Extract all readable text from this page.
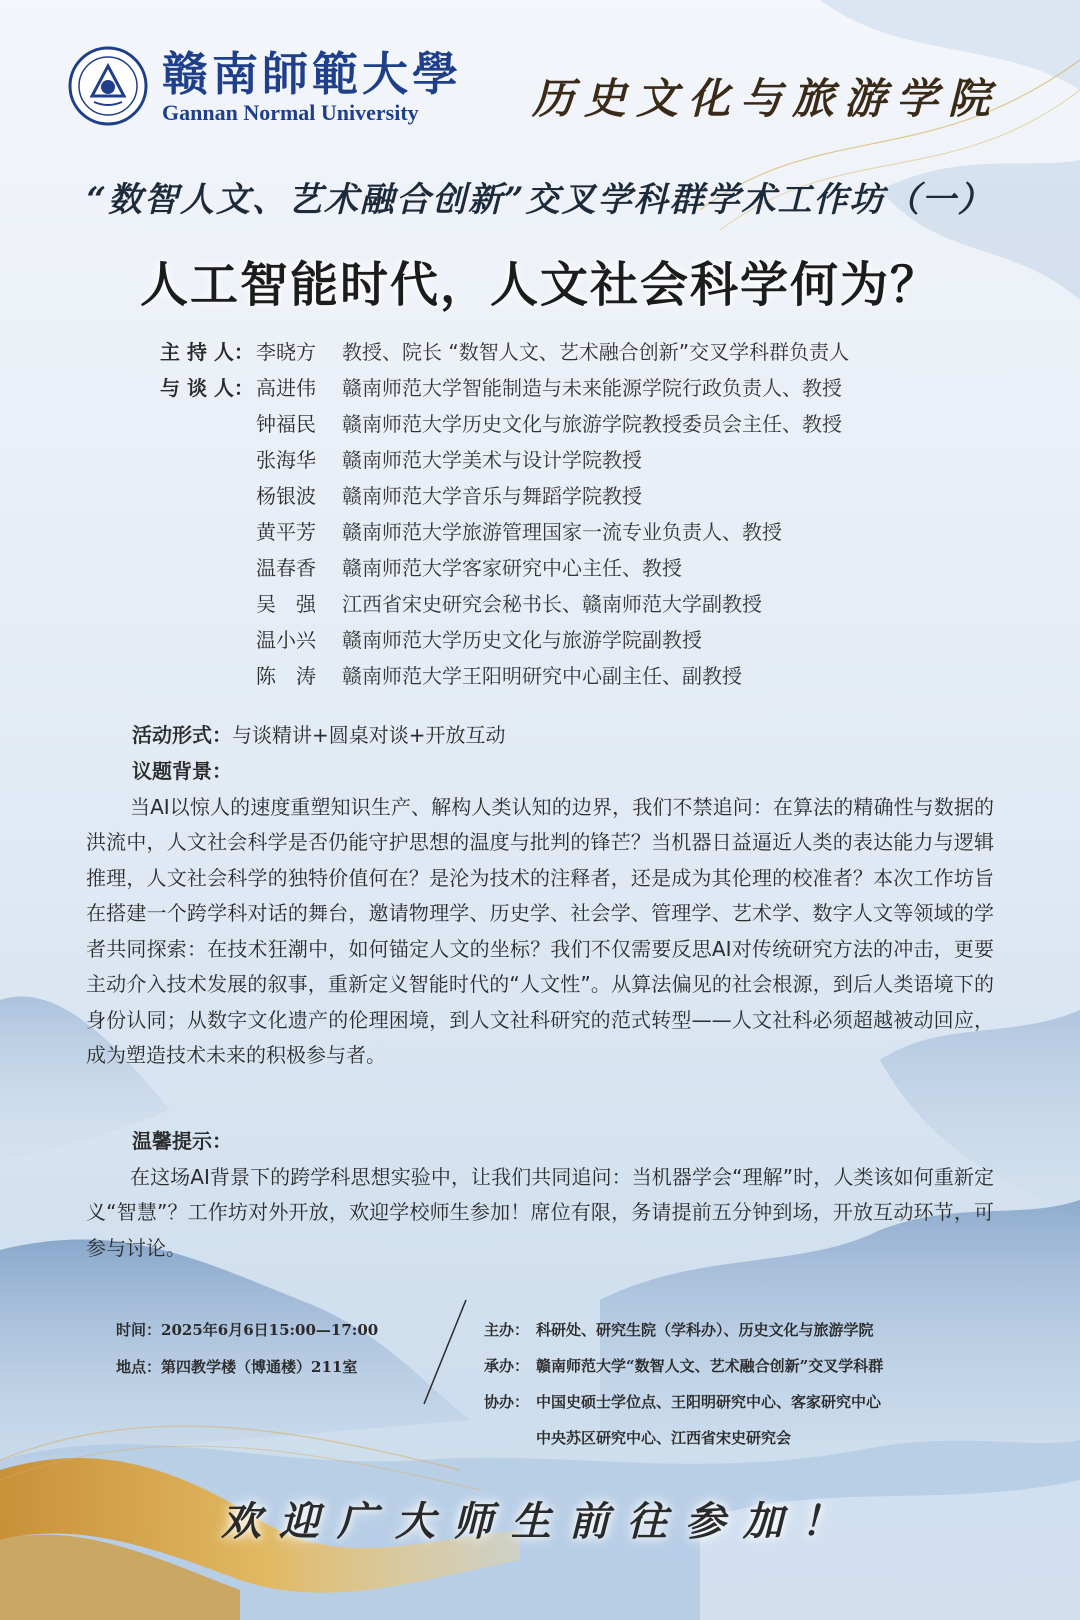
赣南師範大學
Gannan Normal University	历史文化与旅游学院
“数智人文、艺术融合创新”交叉学科群学术工作坊（一）
人工智能时代，人文社会科学何为？
主 持 人： 李晓方	教授、院长 “数智人文、艺术融合创新”交叉学科群负责人
与 谈 人： 高进伟	赣南师范大学智能制造与未来能源学院行政负责人、教授
钟福民	赣南师范大学历史文化与旅游学院教授委员会主任、教授
张海华	赣南师范大学美术与设计学院教授
杨银波	赣南师范大学音乐与舞蹈学院教授
黄平芳	赣南师范大学旅游管理国家一流专业负责人、教授
温春香	赣南师范大学客家研究中心主任、教授
吴　强	江西省宋史研究会秘书长、赣南师范大学副教授
温小兴	赣南师范大学历史文化与旅游学院副教授
陈　涛	赣南师范大学王阳明研究中心副主任、副教授
活动形式：与谈精讲+圆桌对谈+开放互动
议题背景：
当AI以惊人的速度重塑知识生产、解构人类认知的边界，我们不禁追问：在算法的精确性与数据的洪流中，人文社会科学是否仍能守护思想的温度与批判的锋芒？当机器日益逼近人类的表达能力与逻辑推理，人文社会科学的独特价值何在？是沦为技术的注释者，还是成为其伦理的校准者？本次工作坊旨在搭建一个跨学科对话的舞台，邀请物理学、历史学、社会学、管理学、艺术学、数字人文等领域的学者共同探索：在技术狂潮中，如何锚定人文的坐标？我们不仅需要反思AI对传统研究方法的冲击，更要主动介入技术发展的叙事，重新定义智能时代的“人文性”。从算法偏见的社会根源，到后人类语境下的身份认同；从数字文化遗产的伦理困境，到人文社科研究的范式转型——人文社科必须超越被动回应，成为塑造技术未来的积极参与者。
温馨提示：
在这场AI背景下的跨学科思想实验中，让我们共同追问：当机器学会“理解”时，人类该如何重新定义“智慧”？工作坊对外开放，欢迎学校师生参加！席位有限，务请提前五分钟到场，开放互动环节，可参与讨论。
时间： 2025年6月6日15:00—17:00
地点： 第四教学楼（博通楼）211室
主办： 科研处、研究生院（学科办）、历史文化与旅游学院
承办： 赣南师范大学“数智人文、艺术融合创新”交叉学科群
协办： 中国史硕士学位点、王阳明研究中心、客家研究中心
中央苏区研究中心、江西省宋史研究会
欢迎广大师生前往参加！
